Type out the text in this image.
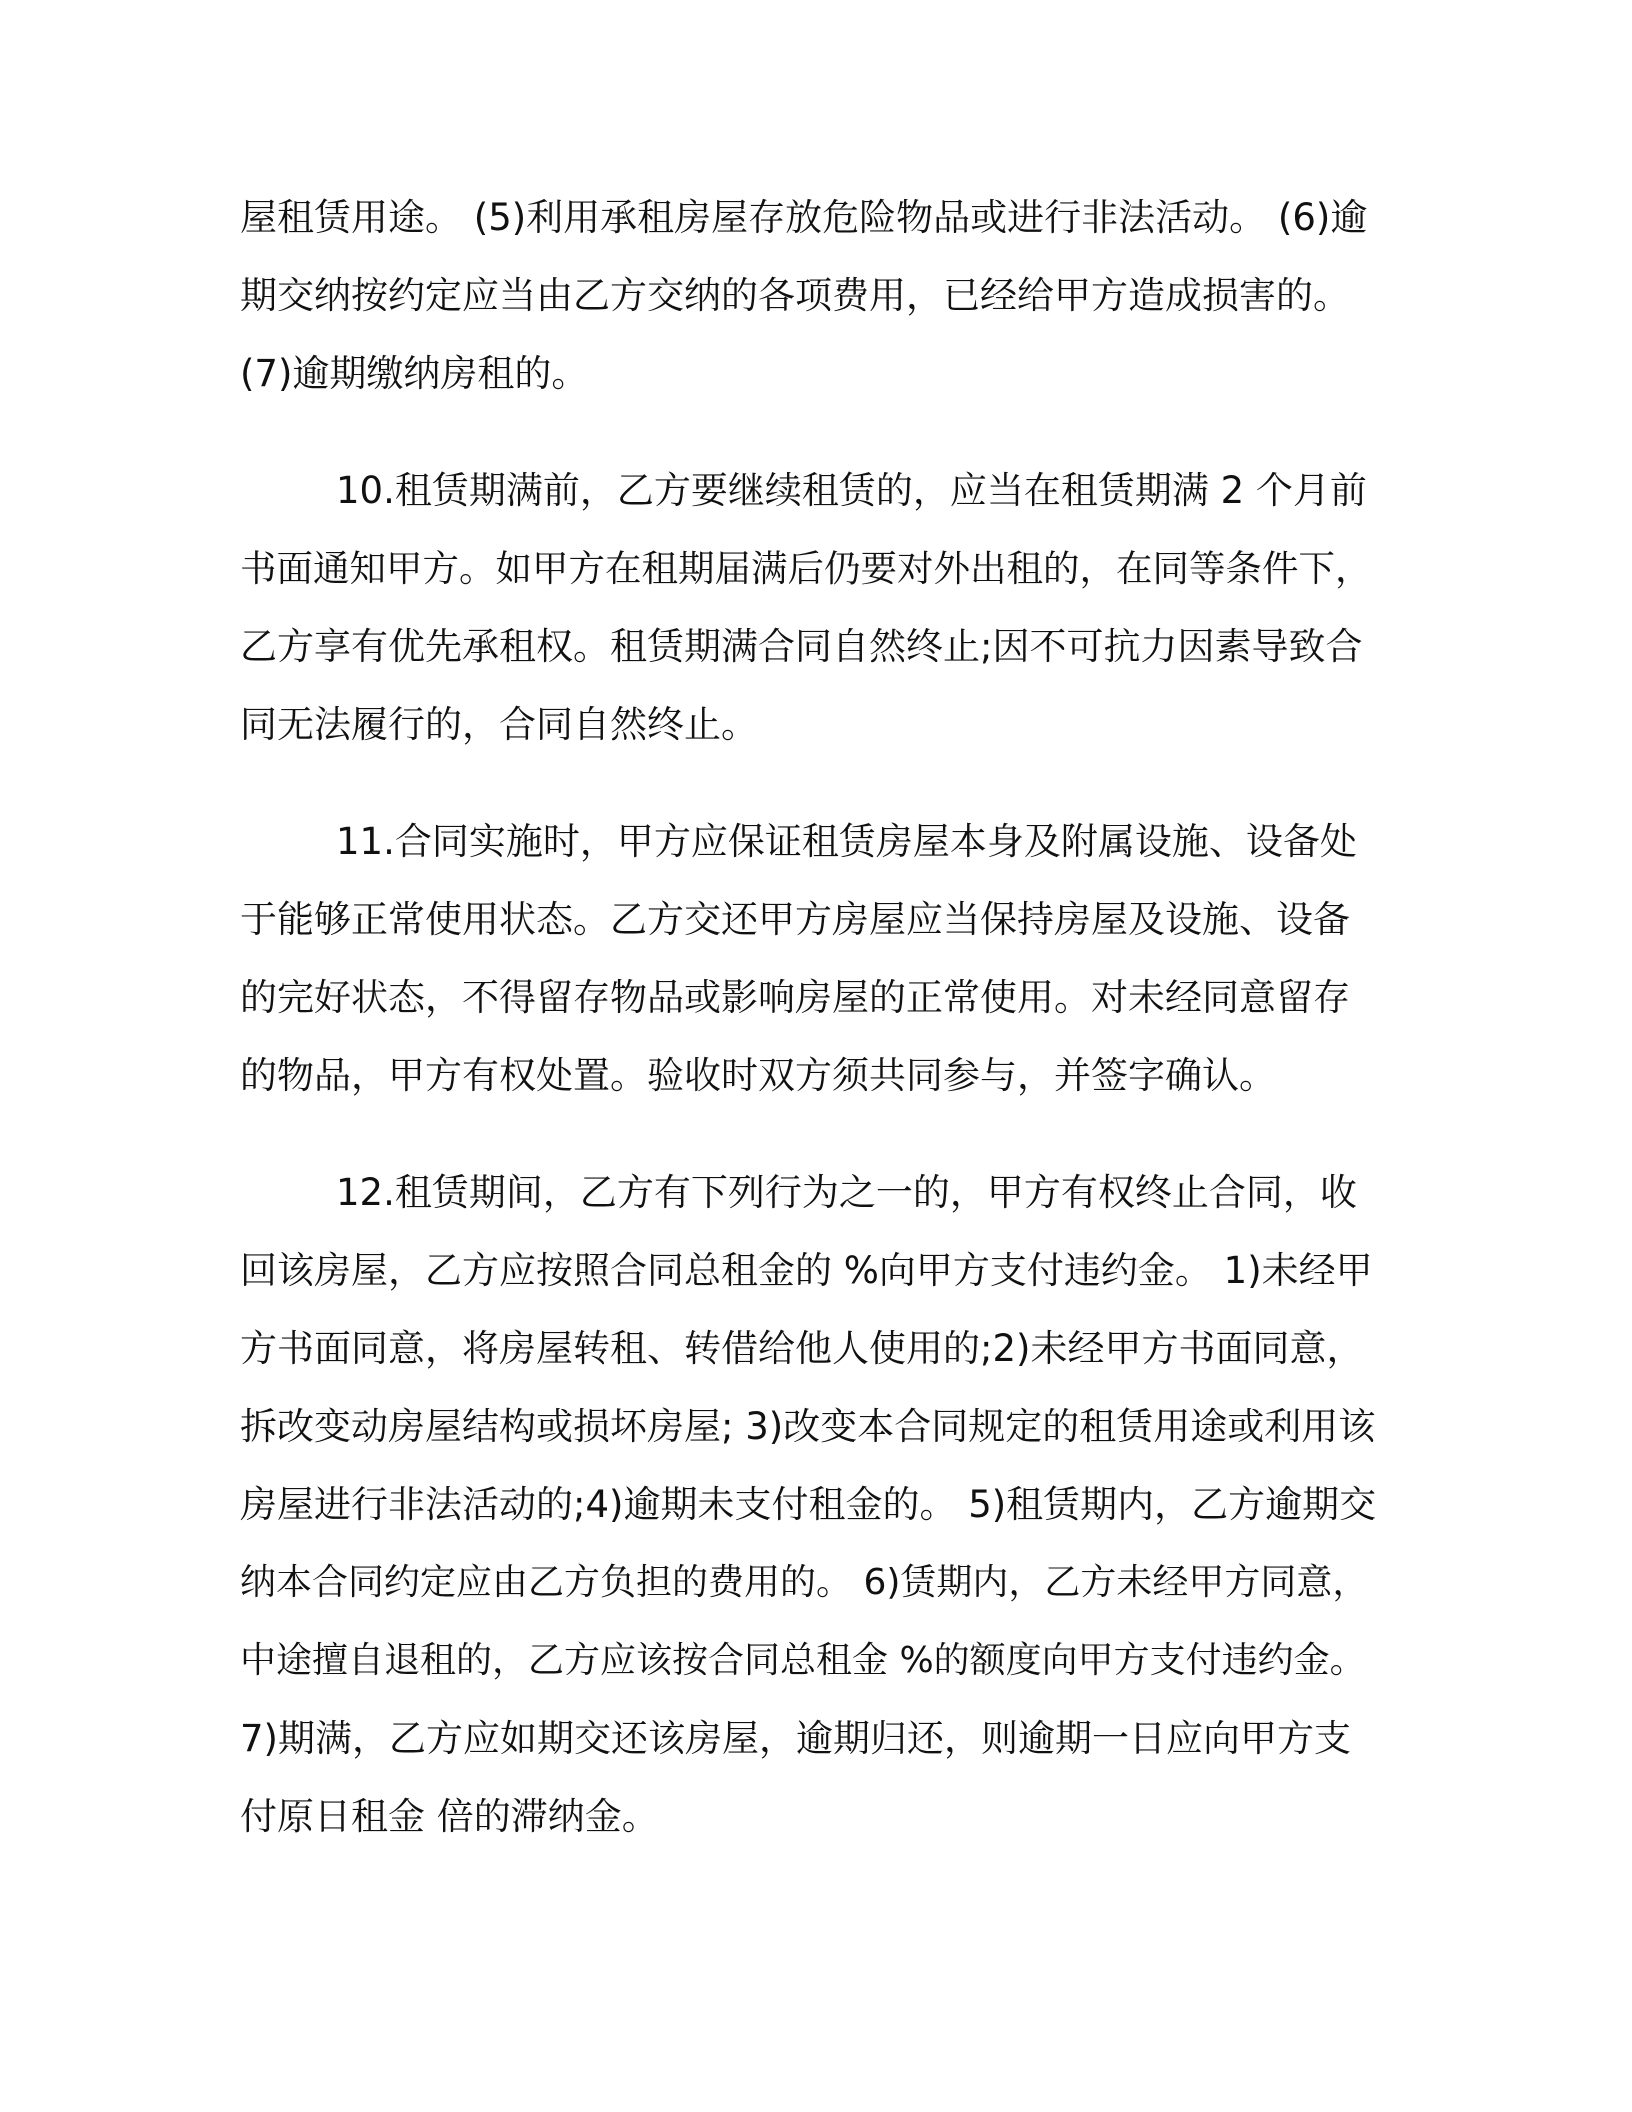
屋租赁用途。 (5)利用承租房屋存放危险物品或进行非法活动。 (6)逾
期交纳按约定应当由乙方交纳的各项费用，已经给甲方造成损害的。
(7)逾期缴纳房租的。
10.租赁期满前，乙方要继续租赁的，应当在租赁期满 2 个月前
书面通知甲方。如甲方在租期届满后仍要对外出租的，在同等条件下，
乙方享有优先承租权。租赁期满合同自然终止;因不可抗力因素导致合
同无法履行的，合同自然终止。
11.合同实施时，甲方应保证租赁房屋本身及附属设施、设备处
于能够正常使用状态。乙方交还甲方房屋应当保持房屋及设施、设备
的完好状态，不得留存物品或影响房屋的正常使用。对未经同意留存
的物品，甲方有权处置。验收时双方须共同参与，并签字确认。
12.租赁期间，乙方有下列行为之一的，甲方有权终止合同，收
回该房屋，乙方应按照合同总租金的 %向甲方支付违约金。 1)未经甲
方书面同意，将房屋转租、转借给他人使用的;2)未经甲方书面同意，
拆改变动房屋结构或损坏房屋; 3)改变本合同规定的租赁用途或利用该
房屋进行非法活动的;4)逾期未支付租金的。 5)租赁期内，乙方逾期交
纳本合同约定应由乙方负担的费用的。 6)赁期内，乙方未经甲方同意，
中途擅自退租的，乙方应该按合同总租金 %的额度向甲方支付违约金。
7)期满，乙方应如期交还该房屋，逾期归还，则逾期一日应向甲方支
付原日租金 倍的滞纳金。
